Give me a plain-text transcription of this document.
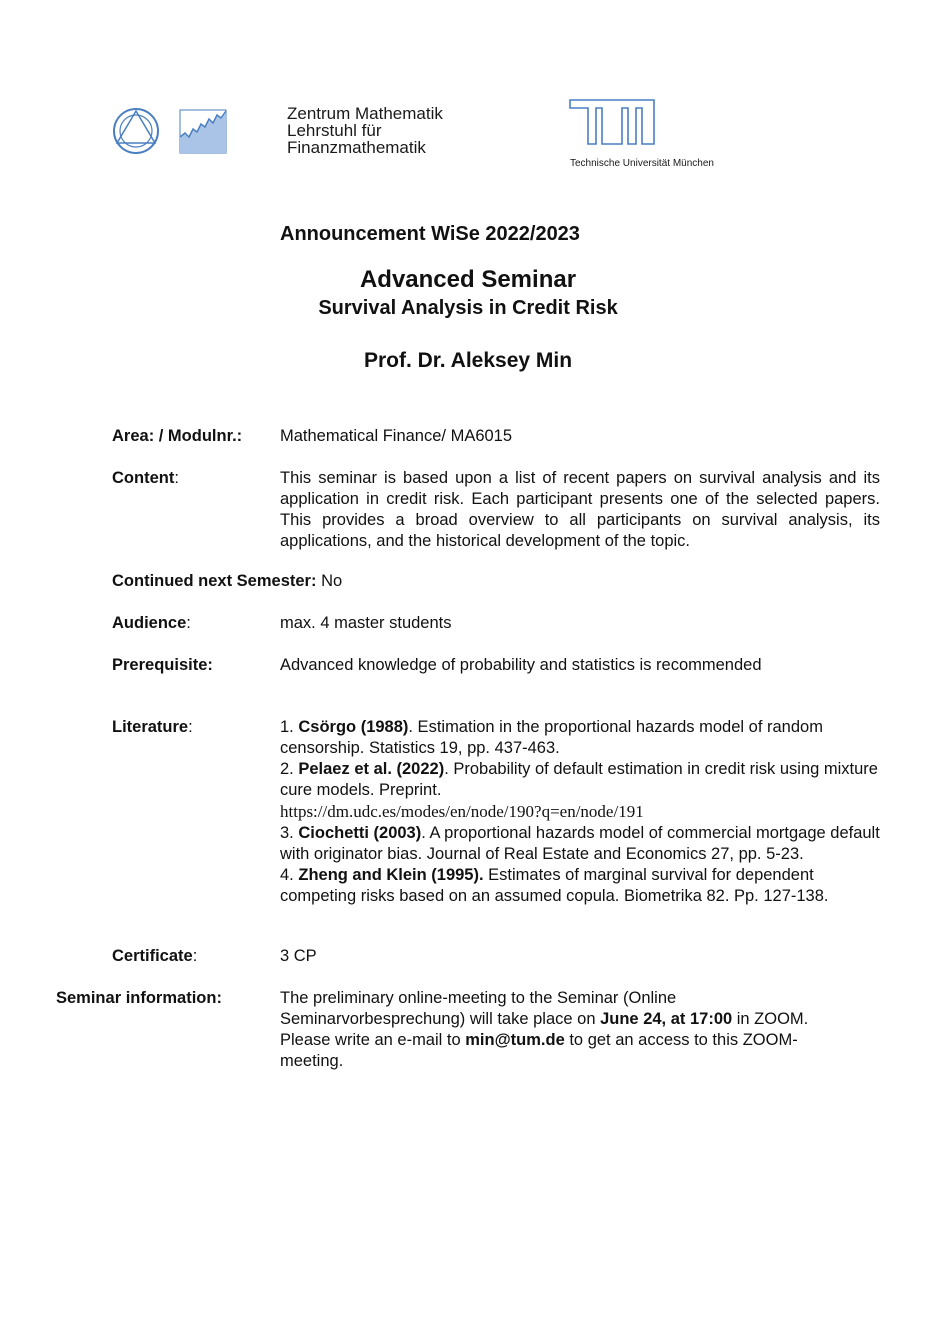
Zentrum Mathematik
Lehrstuhl für
Finanzmathematik
Technische Universität München
Announcement WiSe 2022/2023
Advanced Seminar
Survival Analysis in Credit Risk
Prof. Dr. Aleksey Min
Area: / Modulnr.: Mathematical Finance/ MA6015
Content:	This seminar is based upon a list of recent papers on survival analysis and its application in credit risk. Each participant presents one of the selected papers. This provides a broad overview to all participants on survival analysis, its applications, and the historical development of the topic.
Continued next Semester: No
Audience:	max. 4 master students
Prerequisite:	Advanced knowledge of probability and statistics is recommended
Literature:	1. Csörgo (1988). Estimation in the proportional hazards model of random censorship. Statistics 19, pp. 437-463.
2. Pelaez et al. (2022). Probability of default estimation in credit risk using mixture cure models. Preprint.
https://dm.udc.es/modes/en/node/190?q=en/node/191
3. Ciochetti (2003). A proportional hazards model of commercial mortgage default with originator bias. Journal of Real Estate and Economics 27, pp. 5-23.
4. Zheng and Klein (1995). Estimates of marginal survival for dependent competing risks based on an assumed copula. Biometrika 82. Pp. 127-138.
Certificate:	3 CP
Seminar information:	The preliminary online-meeting to the Seminar (Online Seminarvorbesprechung) will take place on June 24, at 17:00 in ZOOM. Please write an e-mail to min@tum.de to get an access to this ZOOM-meeting.
